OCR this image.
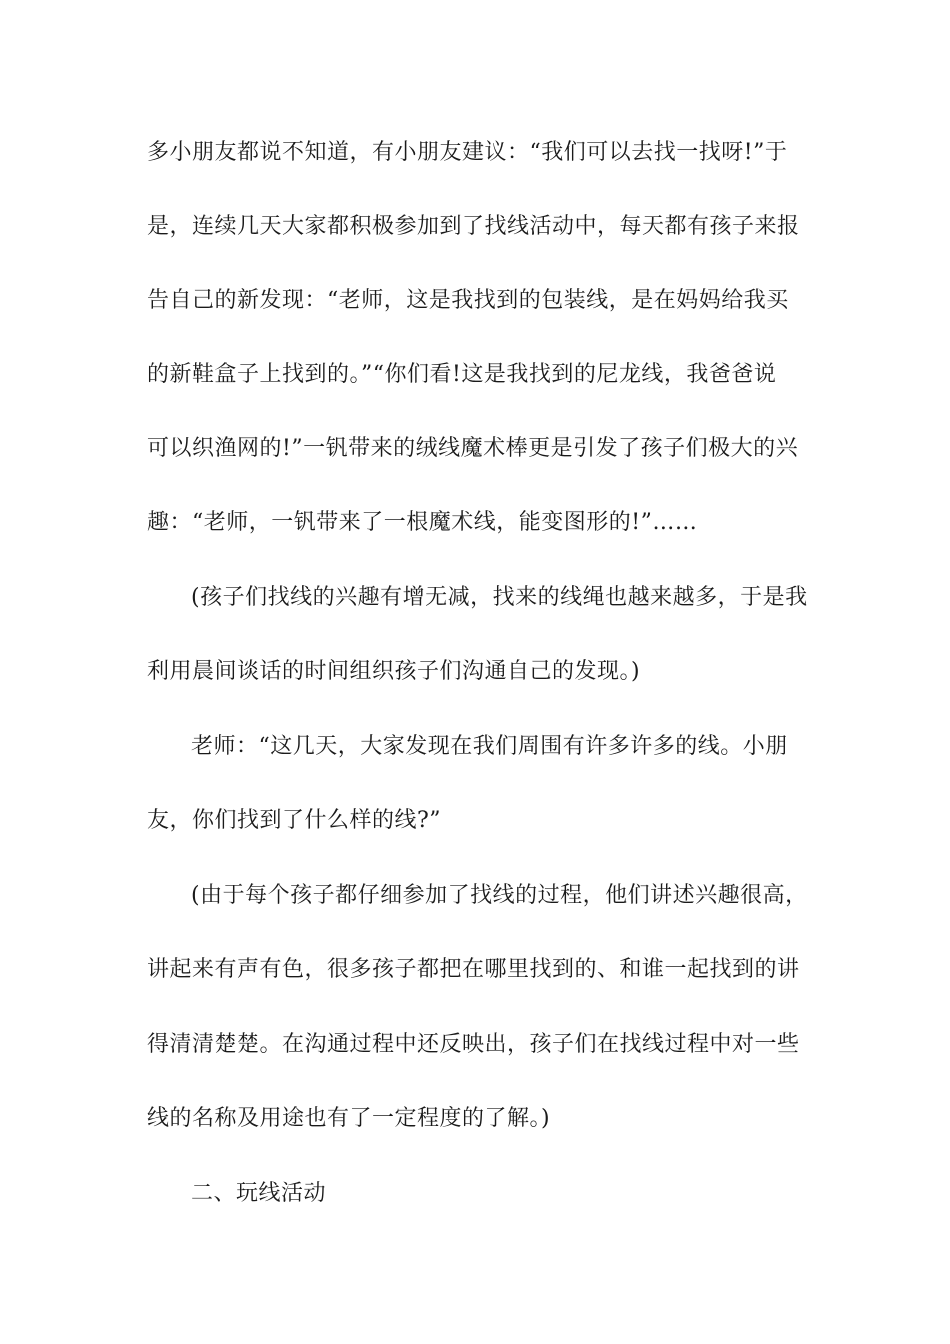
多小朋友都说不知道，有小朋友建议：“我们可以去找一找呀!”于
是，连续几天大家都积极参加到了找线活动中，每天都有孩子来报
告自己的新发现：“老师，这是我找到的包装线，是在妈妈给我买
的新鞋盒子上找到的。”“你们看!这是我找到的尼龙线，我爸爸说
可以织渔网的!”一钒带来的绒线魔术棒更是引发了孩子们极大的兴
趣：“老师，一钒带来了一根魔术线，能变图形的!”……
(孩子们找线的兴趣有增无减，找来的线绳也越来越多，于是我
利用晨间谈话的时间组织孩子们沟通自己的发现。)
老师：“这几天，大家发现在我们周围有许多许多的线。小朋
友，你们找到了什么样的线?”
(由于每个孩子都仔细参加了找线的过程，他们讲述兴趣很高，
讲起来有声有色，很多孩子都把在哪里找到的、和谁一起找到的讲
得清清楚楚。在沟通过程中还反映出，孩子们在找线过程中对一些
线的名称及用途也有了一定程度的了解。)
二、玩线活动
